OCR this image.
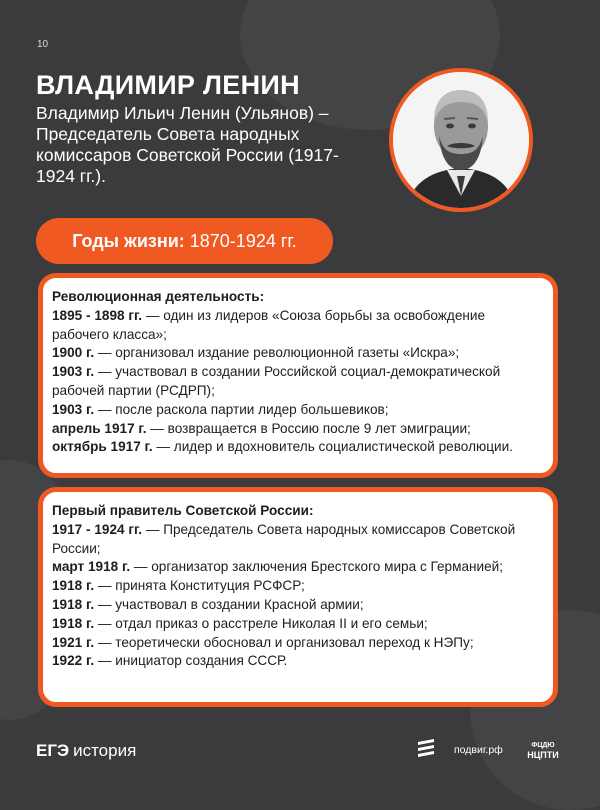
10
ВЛАДИМИР ЛЕНИН
Владимир Ильич Ленин (Ульянов) – Председатель Совета народных комиссаров Советской России (1917-1924 гг.).
Годы жизни: 1870-1924 гг.
Революционная деятельность:
1895 - 1898 гг. — один из лидеров «Союза борьбы за освобождение рабочего класса»;
1900 г. — организовал издание революционной газеты «Искра»;
1903 г. — участвовал в создании Российской социал-демократической рабочей партии (РСДРП);
1903 г. — после раскола партии лидер большевиков;
апрель 1917 г. — возвращается в Россию после 9 лет эмиграции;
октябрь 1917 г. — лидер и вдохновитель социалистической революции.
Первый правитель Советской России:
1917 - 1924 гг. — Председатель Совета народных комиссаров Советской России;
март 1918 г. — организатор заключения Брестского мира с Германией;
1918 г. — принята Конституция РСФСР;
1918 г. — участвовал в создании Красной армии;
1918 г. — отдал приказ о расстреле Николая II и его семьи;
1921 г. — теоретически обосновал и организовал переход к НЭПу;
1922 г. — инициатор создания СССР.
ЕГЭ история	подвиг.рф	ФЦДЮ
НЦПТИ
